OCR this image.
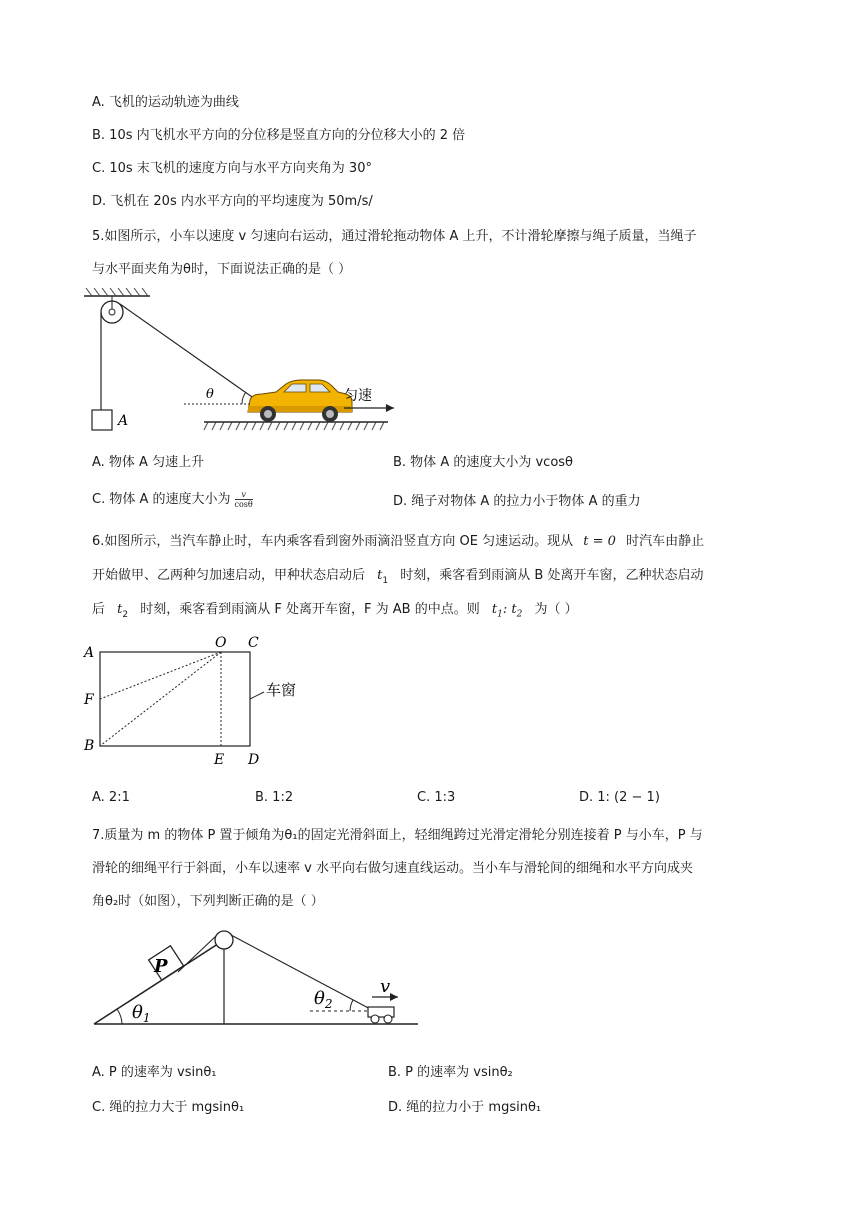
A. 飞机的运动轨迹为曲线
B. 10s 内飞机水平方向的分位移是竖直方向的分位移大小的 2 倍
C. 10s 末飞机的速度方向与水平方向夹角为 30°
D. 飞机在 20s 内水平方向的平均速度为 50m/s/
5.如图所示，小车以速度 v 匀速向右运动，通过滑轮拖动物体 A 上升，不计滑轮摩擦与绳子质量，当绳子
与水平面夹角为θ时，下面说法正确的是（ ）
A
θ	匀速
A. 物体 A 匀速上升	B. 物体 A 的速度大小为 vcosθ
C. 物体 A 的速度大小为 $\frac{v}{\cos\theta}$	D. 绳子对物体 A 的拉力小于物体 A 的重力
6.如图所示，当汽车静止时，车内乘客看到窗外雨滴沿竖直方向 OE 匀速运动。现从 t = 0 时汽车由静止
开始做甲、乙两种匀加速启动，甲种状态启动后 $t_1$ 时刻，乘客看到雨滴从 B 处离开车窗，乙种状态启动
后 $t_2$ 时刻，乘客看到雨滴从 F 处离开车窗，F 为 AB 的中点。则 $t_1$: $t_2$ 为（ ）
A
O C
F
B
E D
车窗
A. 2:1	B. 1:2	C. 1:3	D. 1: (2 − 1)
7.质量为 m 的物体 P 置于倾角为θ₁的固定光滑斜面上，轻细绳跨过光滑定滑轮分别连接着 P 与小车，P 与
滑轮的细绳平行于斜面，小车以速率 v 水平向右做匀速直线运动。当小车与滑轮间的细绳和水平方向成夹
角θ₂时（如图），下列判断正确的是（ ）
P
$\theta_1$
$\theta_2$
v
A. P 的速率为 vsinθ₁	B. P 的速率为 vsinθ₂
C. 绳的拉力大于 mgsinθ₁	D. 绳的拉力小于 mgsinθ₁
